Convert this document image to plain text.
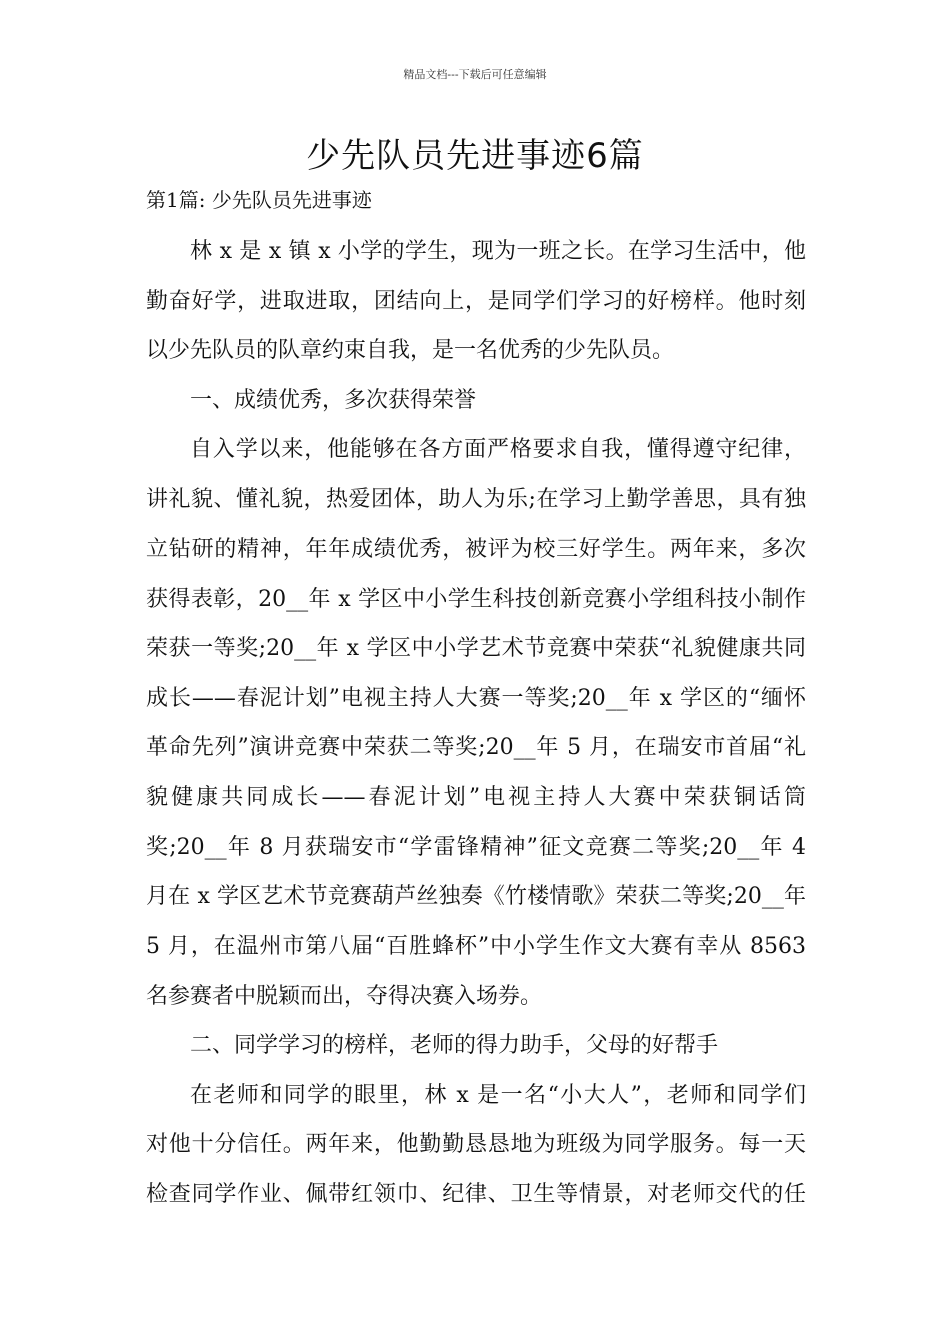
精品文档---下载后可任意编辑
少先队员先进事迹6篇
第1篇: 少先队员先进事迹
林 x 是 x 镇 x 小学的学生，现为一班之长。在学习生活中，他
勤奋好学，进取进取，团结向上，是同学们学习的好榜样。他时刻
以少先队员的队章约束自我，是一名优秀的少先队员。
一、成绩优秀，多次获得荣誉
自入学以来，他能够在各方面严格要求自我，懂得遵守纪律，
讲礼貌、懂礼貌，热爱团体，助人为乐;在学习上勤学善思，具有独
立钻研的精神，年年成绩优秀，被评为校三好学生。两年来，多次
获得表彰，20__年 x 学区中小学生科技创新竞赛小学组科技小制作
荣获一等奖;20__年 x 学区中小学艺术节竞赛中荣获“礼貌健康共同
成长——春泥计划”电视主持人大赛一等奖;20__年 x 学区的“缅怀
革命先列”演讲竞赛中荣获二等奖;20__年 5 月，在瑞安市首届“礼
貌健康共同成长——春泥计划”电视主持人大赛中荣获铜话筒
奖;20__年 8 月获瑞安市“学雷锋精神”征文竞赛二等奖;20__年 4
月在 x 学区艺术节竞赛葫芦丝独奏《竹楼情歌》荣获二等奖;20__年
5 月，在温州市第八届“百胜蜂杯”中小学生作文大赛有幸从 8563
名参赛者中脱颖而出，夺得决赛入场券。
二、同学学习的榜样，老师的得力助手，父母的好帮手
在老师和同学的眼里，林 x 是一名“小大人”，老师和同学们
对他十分信任。两年来，他勤勤恳恳地为班级为同学服务。每一天
检查同学作业、佩带红领巾、纪律、卫生等情景，对老师交代的任
